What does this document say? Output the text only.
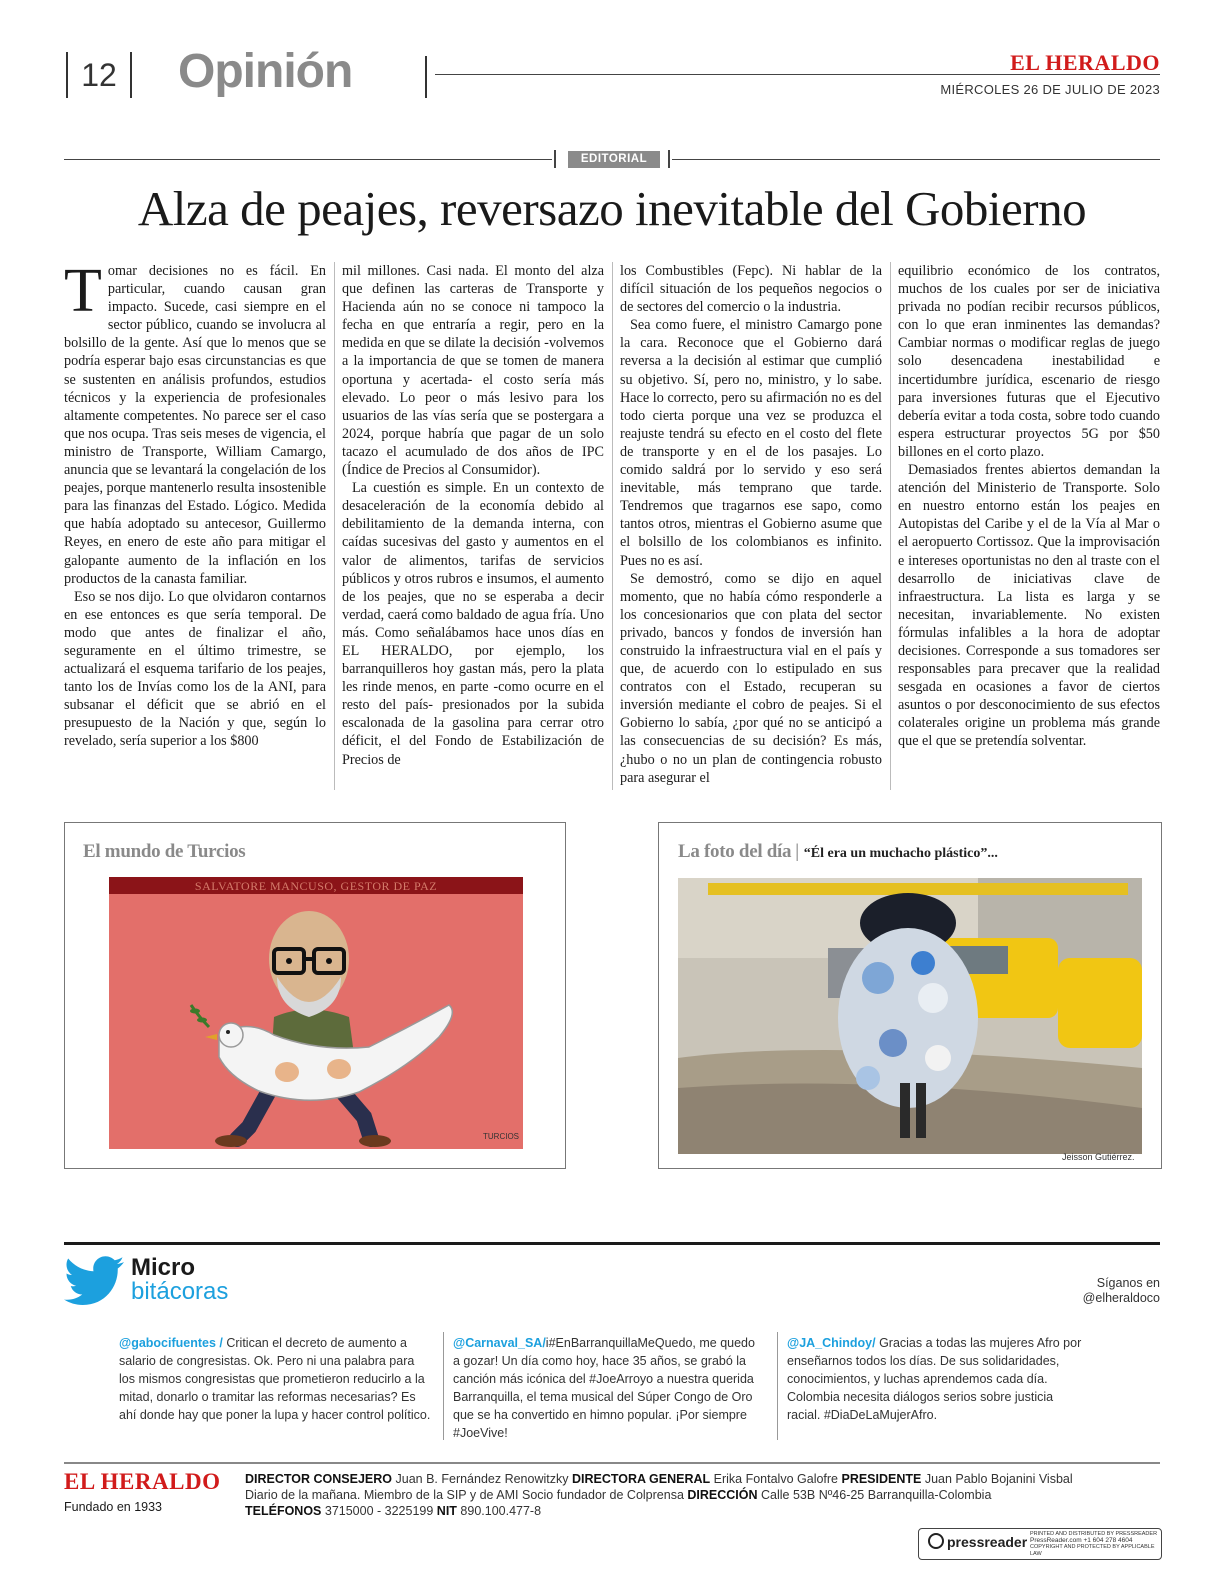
12	Opinión	EL HERALDO
MIÉRCOLES 26 DE JULIO DE 2023
EDITORIAL
Alza de peajes, reversazo inevitable del Gobierno
T omar decisiones no es fácil. En particular, cuando causan gran impacto. Sucede, casi siempre en el sector público, cuando se involucra al bolsillo de la gente. Así que lo menos que se podría esperar bajo esas circunstancias es que se sustenten en análisis profundos, estudios técnicos y la experiencia de profesionales altamente competentes. No parece ser el caso que nos ocupa. Tras seis meses de vigencia, el ministro de Transporte, William Camargo, anuncia que se levantará la congelación de los peajes, porque mantenerlo resulta insostenible para las finanzas del Estado. Lógico. Medida que había adoptado su antecesor, Guillermo Reyes, en enero de este año para mitigar el galopante aumento de la inflación en los productos de la canasta familiar.

Eso se nos dijo. Lo que olvidaron contarnos en ese entonces es que sería temporal. De modo que antes de finalizar el año, seguramente en el último trimestre, se actualizará el esquema tarifario de los peajes, tanto los de Invías como los de la ANI, para subsanar el déficit que se abrió en el presupuesto de la Nación y que, según lo revelado, sería superior a los $800

mil millones. Casi nada. El monto del alza que definen las carteras de Transporte y Hacienda aún no se conoce ni tampoco la fecha en que entraría a regir, pero en la medida en que se dilate la decisión -volvemos a la importancia de que se tomen de manera oportuna y acertada- el costo sería más elevado. Lo peor o más lesivo para los usuarios de las vías sería que se postergara a 2024, porque habría que pagar de un solo tacazo el acumulado de dos años de IPC (Índice de Precios al Consumidor).

La cuestión es simple. En un contexto de desaceleración de la economía debido al debilitamiento de la demanda interna, con caídas sucesivas del gasto y aumentos en el valor de alimentos, tarifas de servicios públicos y otros rubros e insumos, el aumento de los peajes, que no se esperaba a decir verdad, caerá como baldado de agua fría. Uno más. Como señalábamos hace unos días en EL HERALDO, por ejemplo, los barranquilleros hoy gastan más, pero la plata les rinde menos, en parte -como ocurre en el resto del país- presionados por la subida escalonada de la gasolina para cerrar otro déficit, el del Fondo de Estabilización de Precios de

los Combustibles (Fepc). Ni hablar de la difícil situación de los pequeños negocios o de sectores del comercio o la industria.

Sea como fuere, el ministro Camargo pone la cara. Reconoce que el Gobierno dará reversa a la decisión al estimar que cumplió su objetivo. Sí, pero no, ministro, y lo sabe. Hace lo correcto, pero su afirmación no es del todo cierta porque una vez se produzca el reajuste tendrá su efecto en el costo del flete de transporte y en el de los pasajes. Lo comido saldrá por lo servido y eso será inevitable, más temprano que tarde. Tendremos que tragarnos ese sapo, como tantos otros, mientras el Gobierno asume que el bolsillo de los colombianos es infinito. Pues no es así.

Se demostró, como se dijo en aquel momento, que no había cómo responderle a los concesionarios que con plata del sector privado, bancos y fondos de inversión han construido la infraestructura vial en el país y que, de acuerdo con lo estipulado en sus contratos con el Estado, recuperan su inversión mediante el cobro de peajes. Si el Gobierno lo sabía, ¿por qué no se anticipó a las consecuencias de su decisión? Es más, ¿hubo o no un plan de contingencia robusto para asegurar el

equilibrio económico de los contratos, muchos de los cuales por ser de iniciativa privada no podían recibir recursos públicos, con lo que eran inminentes las demandas? Cambiar normas o modificar reglas de juego solo desencadena inestabilidad e incertidumbre jurídica, escenario de riesgo para inversiones futuras que el Ejecutivo debería evitar a toda costa, sobre todo cuando espera estructurar proyectos 5G por $50 billones en el corto plazo.

Demasiados frentes abiertos demandan la atención del Ministerio de Transporte. Solo en nuestro entorno están los peajes en Autopistas del Caribe y el de la Vía al Mar o el aeropuerto Cortissoz. Que la improvisación e intereses oportunistas no den al traste con el desarrollo de iniciativas clave de infraestructura. La lista es larga y se necesitan, invariablemente. No existen fórmulas infalibles a la hora de adoptar decisiones. Corresponde a sus tomadores ser responsables para precaver que la realidad sesgada en ocasiones a favor de ciertos asuntos o por desconocimiento de sus efectos colaterales origine un problema más grande que el que se pretendía solventar.

El mundo de Turcios
SALVATORE MANCUSO, GESTOR DE PAZ
TURCIOS
La foto del día | “Él era un muchacho plástico”...
Jeisson Gutiérrez.
Micro
bitácoras	Síganos en
@elheraldoco
@gabocifuentes / Critican el decreto de aumento a salario de congresistas. Ok. Pero ni una palabra para los mismos congresistas que prometieron reducirlo a la mitad, donarlo o tramitar las reformas necesarias? Es ahí donde hay que poner la lupa y hacer control político.
@Carnaval_SA/i#EnBarranquillaMeQuedo, me quedo a gozar! Un día como hoy, hace 35 años, se grabó la canción más icónica del #JoeArroyo a nuestra querida Barranquilla, el tema musical del Súper Congo de Oro que se ha convertido en himno popular. ¡Por siempre #JoeVive!
@JA_Chindoy/ Gracias a todas las mujeres Afro por enseñarnos todos los días. De sus solidaridades, conocimientos, y luchas aprendemos cada día. Colombia necesita diálogos serios sobre justicia racial. #DiaDeLaMujerAfro.
EL HERALDO
Fundado en 1933
DIRECTOR CONSEJERO Juan B. Fernández Renowitzky DIRECTORA GENERAL Erika Fontalvo Galofre PRESIDENTE Juan Pablo Bojanini Visbal
Diario de la mañana. Miembro de la SIP y de AMI Socio fundador de Colprensa DIRECCIÓN Calle 53B Nº46-25 Barranquilla-Colombia
TELÉFONOS 3715000 - 3225199 NIT 890.100.477-8
pressreader PRINTED AND DISTRIBUTED BY PRESSREADER
PressReader.com +1 604 278 4604
COPYRIGHT AND PROTECTED BY APPLICABLE LAW
